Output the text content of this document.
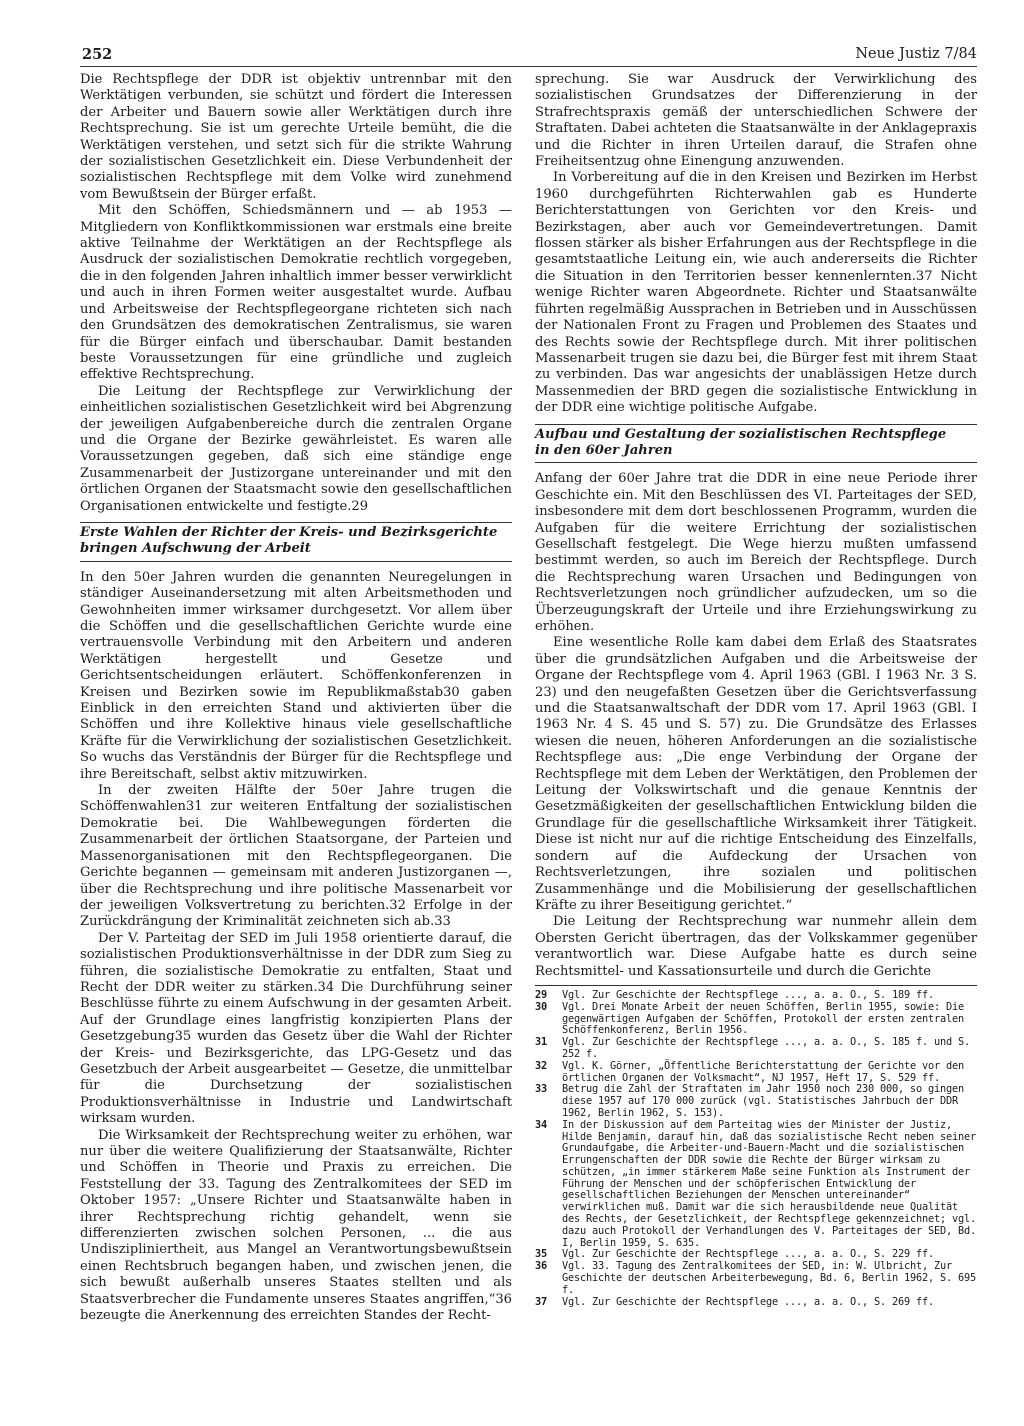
252	Neue Justiz 7/84

Die Rechtspflege der DDR ist objektiv untrennbar mit den Werktätigen verbunden, sie schützt und fördert die Interessen der Arbeiter und Bauern sowie aller Werktätigen durch ihre Rechtsprechung. Sie ist um gerechte Urteile bemüht, die die Werktätigen verstehen, und setzt sich für die strikte Wahrung der sozialistischen Gesetzlichkeit ein. Diese Verbundenheit der sozialistischen Rechtspflege mit dem Volke wird zunehmend vom Bewußtsein der Bürger erfaßt.

Mit den Schöffen, Schiedsmännern und — ab 1953 — Mitgliedern von Konfliktkommissionen war erstmals eine breite aktive Teilnahme der Werktätigen an der Rechtspflege als Ausdruck der sozialistischen Demokratie rechtlich vorgegeben, die in den folgenden Jahren inhaltlich immer besser verwirklicht und auch in ihren Formen weiter ausgestaltet wurde. Aufbau und Arbeitsweise der Rechtspflegeorgane richteten sich nach den Grundsätzen des demokratischen Zentralismus, sie waren für die Bürger einfach und überschaubar. Damit bestanden beste Voraussetzungen für eine gründliche und zugleich effektive Rechtsprechung.

Die Leitung der Rechtspflege zur Verwirklichung der einheitlichen sozialistischen Gesetzlichkeit wird bei Abgrenzung der jeweiligen Aufgabenbereiche durch die zentralen Organe und die Organe der Bezirke gewährleistet. Es waren alle Voraussetzungen gegeben, daß sich eine ständige enge Zusammenarbeit der Justizorgane untereinander und mit den örtlichen Organen der Staatsmacht sowie den gesellschaftlichen Organisationen entwickelte und festigte.29

Erste Wahlen der Richter der Kreis- und Bezirksgerichte
bringen Aufschwung der Arbeit

In den 50er Jahren wurden die genannten Neuregelungen in ständiger Auseinandersetzung mit alten Arbeitsmethoden und Gewohnheiten immer wirksamer durchgesetzt. Vor allem über die Schöffen und die gesellschaftlichen Gerichte wurde eine vertrauensvolle Verbindung mit den Arbeitern und anderen Werktätigen hergestellt und Gesetze und Gerichtsentscheidungen erläutert. Schöffenkonferenzen in Kreisen und Bezirken sowie im Republikmaßstab30 gaben Einblick in den erreichten Stand und aktivierten über die Schöffen und ihre Kollektive hinaus viele gesellschaftliche Kräfte für die Verwirklichung der sozialistischen Gesetzlichkeit. So wuchs das Verständnis der Bürger für die Rechtspflege und ihre Bereitschaft, selbst aktiv mitzuwirken.

In der zweiten Hälfte der 50er Jahre trugen die Schöffenwahlen31 zur weiteren Entfaltung der sozialistischen Demokratie bei. Die Wahlbewegungen förderten die Zusammenarbeit der örtlichen Staatsorgane, der Parteien und Massenorganisationen mit den Rechtspflegeorganen. Die Gerichte begannen — gemeinsam mit anderen Justizorganen —, über die Rechtsprechung und ihre politische Massenarbeit vor der jeweiligen Volksvertretung zu berichten.32 Erfolge in der Zurückdrängung der Kriminalität zeichneten sich ab.33

Der V. Parteitag der SED im Juli 1958 orientierte darauf, die sozialistischen Produktionsverhältnisse in der DDR zum Sieg zu führen, die sozialistische Demokratie zu entfalten, Staat und Recht der DDR weiter zu stärken.34 Die Durchführung seiner Beschlüsse führte zu einem Aufschwung in der gesamten Arbeit. Auf der Grundlage eines langfristig konzipierten Plans der Gesetzgebung35 wurden das Gesetz über die Wahl der Richter der Kreis- und Bezirksgerichte, das LPG-Gesetz und das Gesetzbuch der Arbeit ausgearbeitet — Gesetze, die unmittelbar für die Durchsetzung der sozialistischen Produktionsverhältnisse in Industrie und Landwirtschaft wirksam wurden.

Die Wirksamkeit der Rechtsprechung weiter zu erhöhen, war nur über die weitere Qualifizierung der Staatsanwälte, Richter und Schöffen in Theorie und Praxis zu erreichen. Die Feststellung der 33. Tagung des Zentralkomitees der SED im Oktober 1957: „Unsere Richter und Staatsanwälte haben in ihrer Rechtsprechung richtig gehandelt, wenn sie differenzierten zwischen solchen Personen, ... die aus Undiszipliniertheit, aus Mangel an Verantwortungsbewußtsein einen Rechtsbruch begangen haben, und zwischen jenen, die sich bewußt außerhalb unseres Staates stellten und als Staatsverbrecher die Fundamente unseres Staates angriffen,“36 bezeugte die Anerkennung des erreichten Standes der Recht-

sprechung. Sie war Ausdruck der Verwirklichung des sozialistischen Grundsatzes der Differenzierung in der Strafrechtspraxis gemäß der unterschiedlichen Schwere der Straftaten. Dabei achteten die Staatsanwälte in der Anklagepraxis und die Richter in ihren Urteilen darauf, die Strafen ohne Freiheitsentzug ohne Einengung anzuwenden.

In Vorbereitung auf die in den Kreisen und Bezirken im Herbst 1960 durchgeführten Richterwahlen gab es Hunderte Berichterstattungen von Gerichten vor den Kreis- und Bezirkstagen, aber auch vor Gemeindevertretungen. Damit flossen stärker als bisher Erfahrungen aus der Rechtspflege in die gesamtstaatliche Leitung ein, wie auch andererseits die Richter die Situation in den Territorien besser kennenlernten.37 Nicht wenige Richter waren Abgeordnete. Richter und Staatsanwälte führten regelmäßig Aussprachen in Betrieben und in Ausschüssen der Nationalen Front zu Fragen und Problemen des Staates und des Rechts sowie der Rechtspflege durch. Mit ihrer politischen Massenarbeit trugen sie dazu bei, die Bürger fest mit ihrem Staat zu verbinden. Das war angesichts der unablässigen Hetze durch Massenmedien der BRD gegen die sozialistische Entwicklung in der DDR eine wichtige politische Aufgabe.

Aufbau und Gestaltung der sozialistischen Rechtspflege
in den 60er Jahren

Anfang der 60er Jahre trat die DDR in eine neue Periode ihrer Geschichte ein. Mit den Beschlüssen des VI. Parteitages der SED, insbesondere mit dem dort beschlossenen Programm, wurden die Aufgaben für die weitere Errichtung der sozialistischen Gesellschaft festgelegt. Die Wege hierzu mußten umfassend bestimmt werden, so auch im Bereich der Rechtspflege. Durch die Rechtsprechung waren Ursachen und Bedingungen von Rechtsverletzungen noch gründlicher aufzudecken, um so die Überzeugungskraft der Urteile und ihre Erziehungswirkung zu erhöhen.

Eine wesentliche Rolle kam dabei dem Erlaß des Staatsrates über die grundsätzlichen Aufgaben und die Arbeitsweise der Organe der Rechtspflege vom 4. April 1963 (GBl. I 1963 Nr. 3 S. 23) und den neugefaßten Gesetzen über die Gerichtsverfassung und die Staatsanwaltschaft der DDR vom 17. April 1963 (GBl. I 1963 Nr. 4 S. 45 und S. 57) zu. Die Grundsätze des Erlasses wiesen die neuen, höheren Anforderungen an die sozialistische Rechtspflege aus: „Die enge Verbindung der Organe der Rechtspflege mit dem Leben der Werktätigen, den Problemen der Leitung der Volkswirtschaft und die genaue Kenntnis der Gesetzmäßigkeiten der gesellschaftlichen Entwicklung bilden die Grundlage für die gesellschaftliche Wirksamkeit ihrer Tätigkeit. Diese ist nicht nur auf die richtige Entscheidung des Einzelfalls, sondern auf die Aufdeckung der Ursachen von Rechtsverletzungen, ihre sozialen und politischen Zusammenhänge und die Mobilisierung der gesellschaftlichen Kräfte zu ihrer Beseitigung gerichtet.“

Die Leitung der Rechtsprechung war nunmehr allein dem Obersten Gericht übertragen, das der Volkskammer gegenüber verantwortlich war. Diese Aufgabe hatte es durch seine Rechtsmittel- und Kassationsurteile und durch die Gerichte

29	Vgl. Zur Geschichte der Rechtspflege ..., a. a. O., S. 189 ff.
30	Vgl. Drei Monate Arbeit der neuen Schöffen, Berlin 1955, sowie: Die gegenwärtigen Aufgaben der Schöffen, Protokoll der ersten zentralen Schöffenkonferenz, Berlin 1956.
31	Vgl. Zur Geschichte der Rechtspflege ..., a. a. O., S. 185 f. und S. 252 f.
32	Vgl. K. Görner, „Öffentliche Berichterstattung der Gerichte vor den örtlichen Organen der Volksmacht“, NJ 1957, Heft 17, S. 529 ff.
33	Betrug die Zahl der Straftaten im Jahr 1950 noch 230 000, so gingen diese 1957 auf 170 000 zurück (vgl. Statistisches Jahrbuch der DDR 1962, Berlin 1962, S. 153).
34	In der Diskussion auf dem Parteitag wies der Minister der Justiz, Hilde Benjamin, darauf hin, daß das sozialistische Recht neben seiner Grundaufgabe, die Arbeiter-und-Bauern-Macht und die sozialistischen Errungenschaften der DDR sowie die Rechte der Bürger wirksam zu schützen, „in immer stärkerem Maße seine Funktion als Instrument der Führung der Menschen und der schöpferischen Entwicklung der gesellschaftlichen Beziehungen der Menschen untereinander“ verwirklichen muß. Damit war die sich herausbildende neue Qualität des Rechts, der Gesetzlichkeit, der Rechtspflege gekennzeichnet; vgl. dazu auch Protokoll der Verhandlungen des V. Parteitages der SED, Bd. I, Berlin 1959, S. 635.
35	Vgl. Zur Geschichte der Rechtspflege ..., a. a. O., S. 229 ff.
36	Vgl. 33. Tagung des Zentralkomitees der SED, in: W. Ulbricht, Zur Geschichte der deutschen Arbeiterbewegung, Bd. 6, Berlin 1962, S. 695 f.
37	Vgl. Zur Geschichte der Rechtspflege ..., a. a. O., S. 269 ff.
